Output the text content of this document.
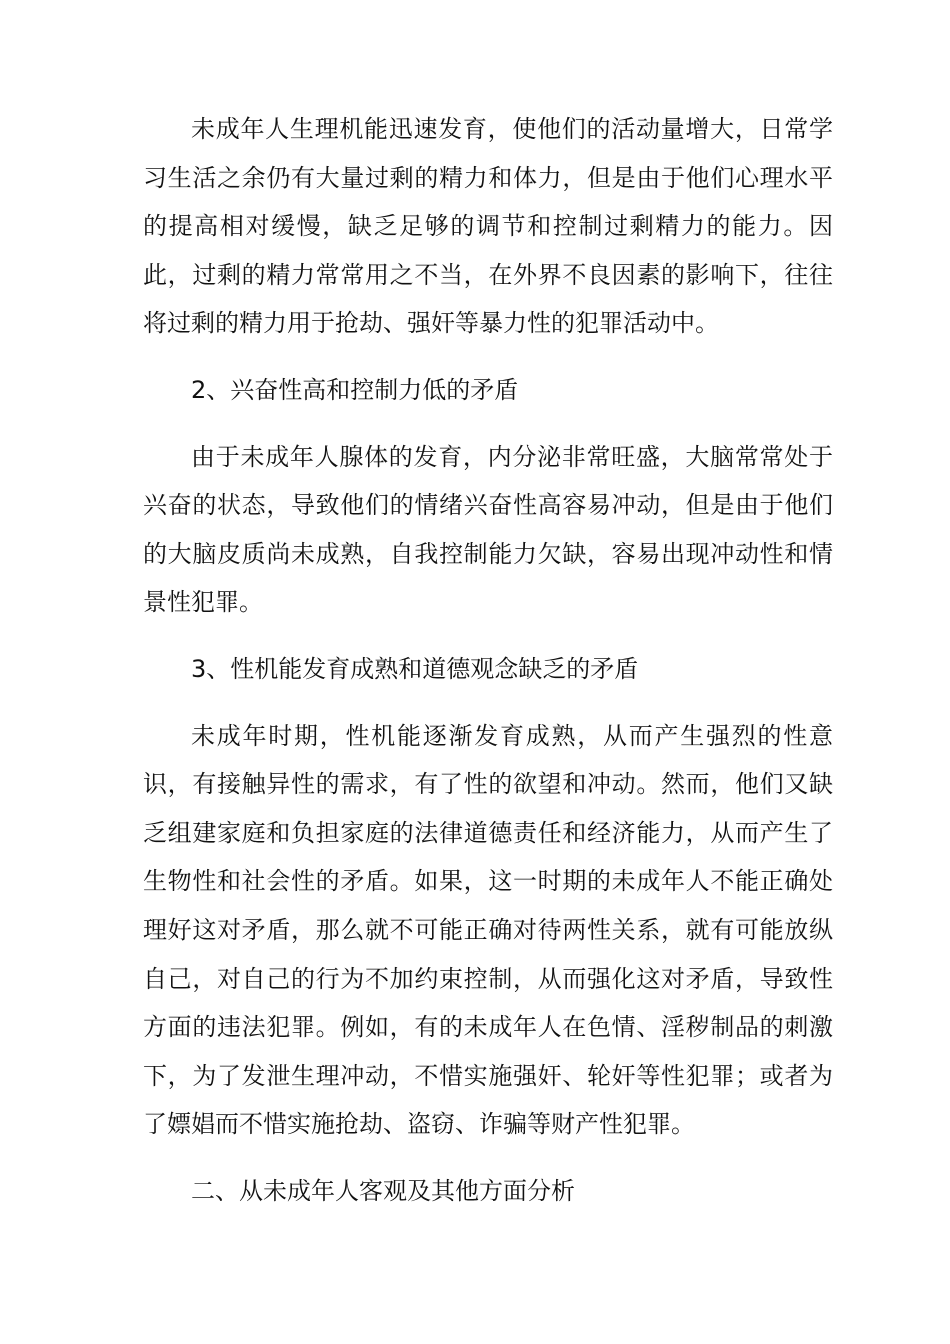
未成年人生理机能迅速发育，使他们的活动量增大，日常学习生活之余仍有大量过剩的精力和体力，但是由于他们心理水平的提高相对缓慢，缺乏足够的调节和控制过剩精力的能力。因此，过剩的精力常常用之不当，在外界不良因素的影响下，往往将过剩的精力用于抢劫、强奸等暴力性的犯罪活动中。

2、兴奋性高和控制力低的矛盾

由于未成年人腺体的发育，内分泌非常旺盛，大脑常常处于兴奋的状态，导致他们的情绪兴奋性高容易冲动，但是由于他们的大脑皮质尚未成熟，自我控制能力欠缺，容易出现冲动性和情景性犯罪。

3、性机能发育成熟和道德观念缺乏的矛盾

未成年时期，性机能逐渐发育成熟，从而产生强烈的性意识，有接触异性的需求，有了性的欲望和冲动。然而，他们又缺乏组建家庭和负担家庭的法律道德责任和经济能力，从而产生了生物性和社会性的矛盾。如果，这一时期的未成年人不能正确处理好这对矛盾，那么就不可能正确对待两性关系，就有可能放纵自己，对自己的行为不加约束控制，从而强化这对矛盾，导致性方面的违法犯罪。例如，有的未成年人在色情、淫秽制品的刺激下，为了发泄生理冲动，不惜实施强奸、轮奸等性犯罪；或者为了嫖娼而不惜实施抢劫、盗窃、诈骗等财产性犯罪。

二、从未成年人客观及其他方面分析
